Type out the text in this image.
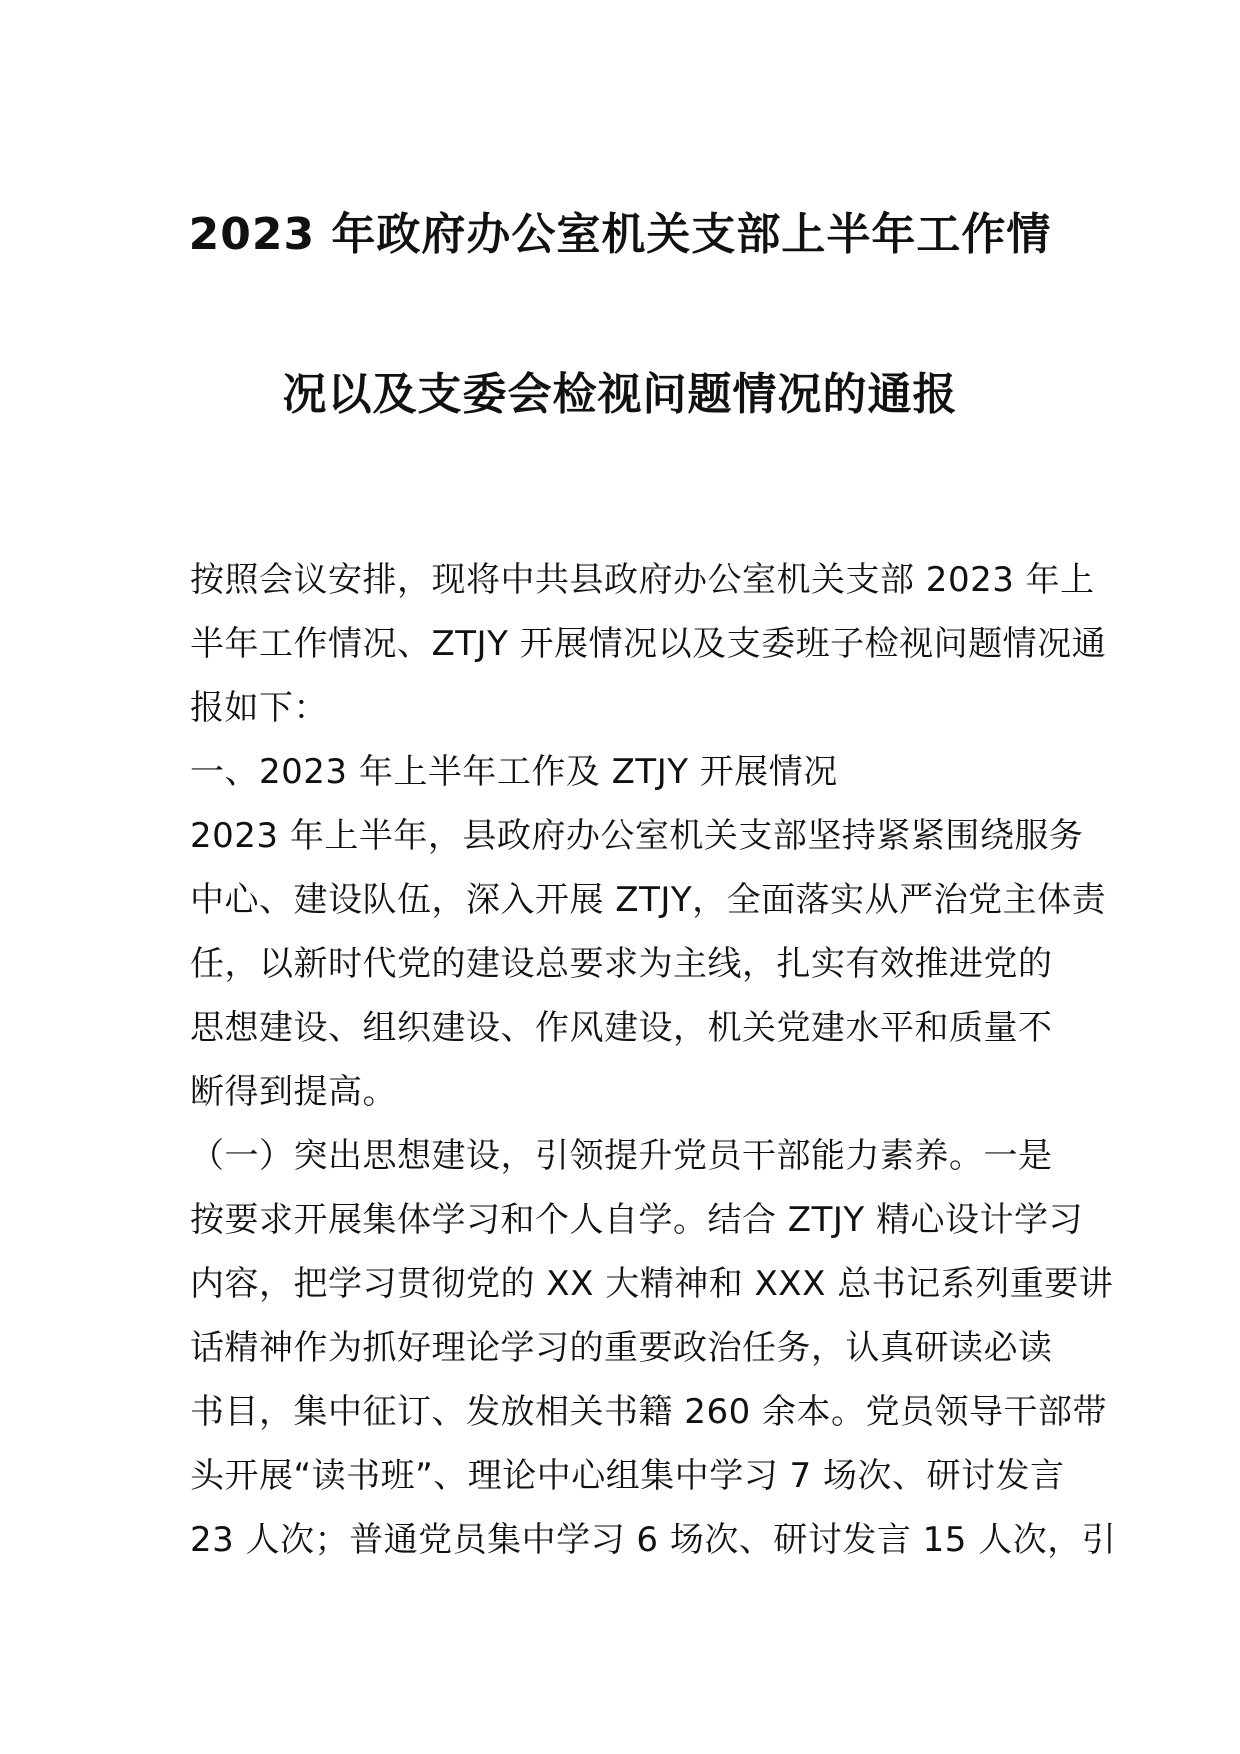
2023 年政府办公室机关支部上半年工作情
况以及支委会检视问题情况的通报
按照会议安排，现将中共县政府办公室机关支部 2023 年上
半年工作情况、ZTJY 开展情况以及支委班子检视问题情况通
报如下：
一、2023 年上半年工作及 ZTJY 开展情况
2023 年上半年，县政府办公室机关支部坚持紧紧围绕服务
中心、建设队伍，深入开展 ZTJY，全面落实从严治党主体责
任，以新时代党的建设总要求为主线，扎实有效推进党的
思想建设、组织建设、作风建设，机关党建水平和质量不
断得到提高。
（一）突出思想建设，引领提升党员干部能力素养。一是
按要求开展集体学习和个人自学。结合 ZTJY 精心设计学习
内容，把学习贯彻党的 XX 大精神和 XXX 总书记系列重要讲
话精神作为抓好理论学习的重要政治任务，认真研读必读
书目，集中征订、发放相关书籍 260 余本。党员领导干部带
头开展“读书班”、理论中心组集中学习 7 场次、研讨发言
23 人次；普通党员集中学习 6 场次、研讨发言 15 人次，引
